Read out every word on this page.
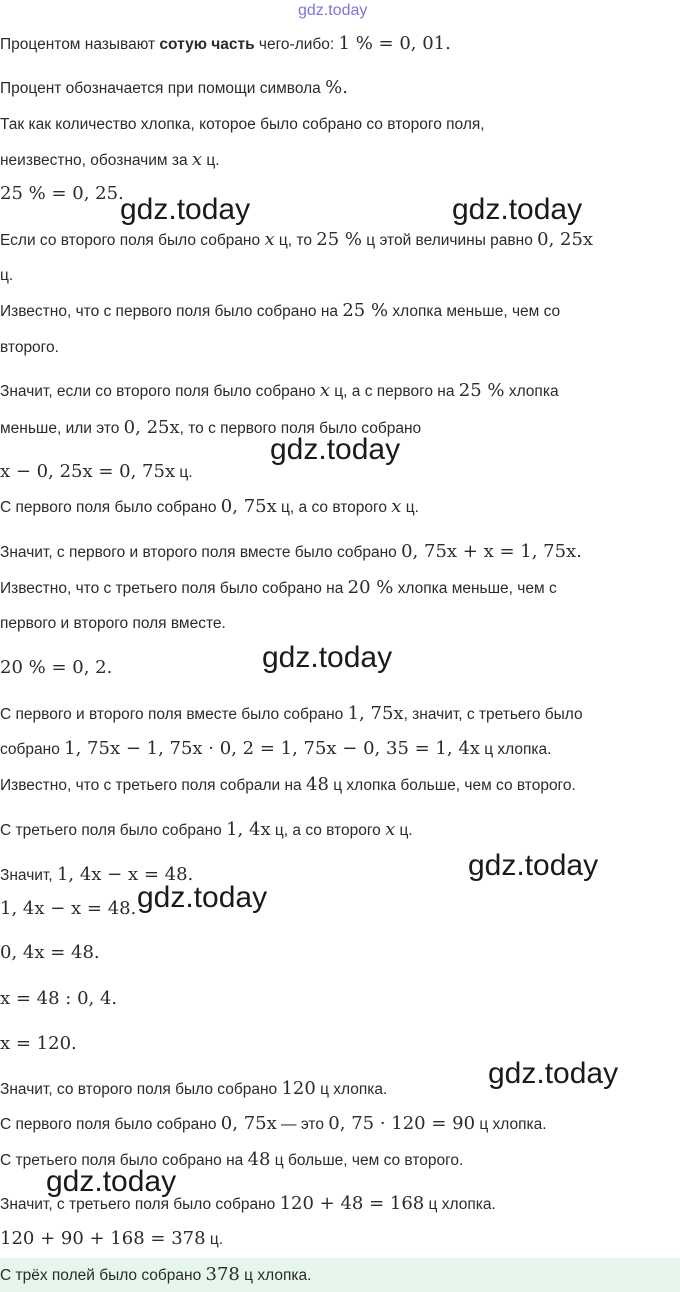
gdz.today
Процентом называют сотую часть чего-либо: 1 % = 0, 01.
Процент обозначается при помощи символа %.
Так как количество хлопка, которое было собрано со второго поля,
неизвестно, обозначим за x ц.
25 % = 0, 25.
Если со второго поля было собрано x ц, то 25 % ц этой величины равно 0, 25x
ц.
Известно, что с первого поля было собрано на 25 % хлопка меньше, чем со
второго.
Значит, если со второго поля было собрано x ц, а с первого на 25 % хлопка
меньше, или это 0, 25x, то с первого поля было собрано
x − 0, 25x = 0, 75x ц.
С первого поля было собрано 0, 75x ц, а со второго x ц.
Значит, с первого и второго поля вместе было собрано 0, 75x + x = 1, 75x.
Известно, что с третьего поля было собрано на 20 % хлопка меньше, чем с
первого и второго поля вместе.
20 % = 0, 2.
С первого и второго поля вместе было собрано 1, 75x, значит, с третьего было
собрано 1, 75x − 1, 75x · 0, 2 = 1, 75x − 0, 35 = 1, 4x ц хлопка.
Известно, что с третьего поля собрали на 48 ц хлопка больше, чем со второго.
С третьего поля было собрано 1, 4x ц, а со второго x ц.
Значит, 1, 4x − x = 48.
1, 4x − x = 48.
0, 4x = 48.
x = 48 : 0, 4.
x = 120.
Значит, со второго поля было собрано 120 ц хлопка.
С первого поля было собрано 0, 75x — это 0, 75 · 120 = 90 ц хлопка.
С третьего поля было собрано на 48 ц больше, чем со второго.
Значит, с третьего поля было собрано 120 + 48 = 168 ц хлопка.
120 + 90 + 168 = 378 ц.
С трёх полей было собрано 378 ц хлопка.
gdz.today	gdz.today
gdz.today
gdz.today
gdz.today
gdz.today
gdz.today
gdz.today
